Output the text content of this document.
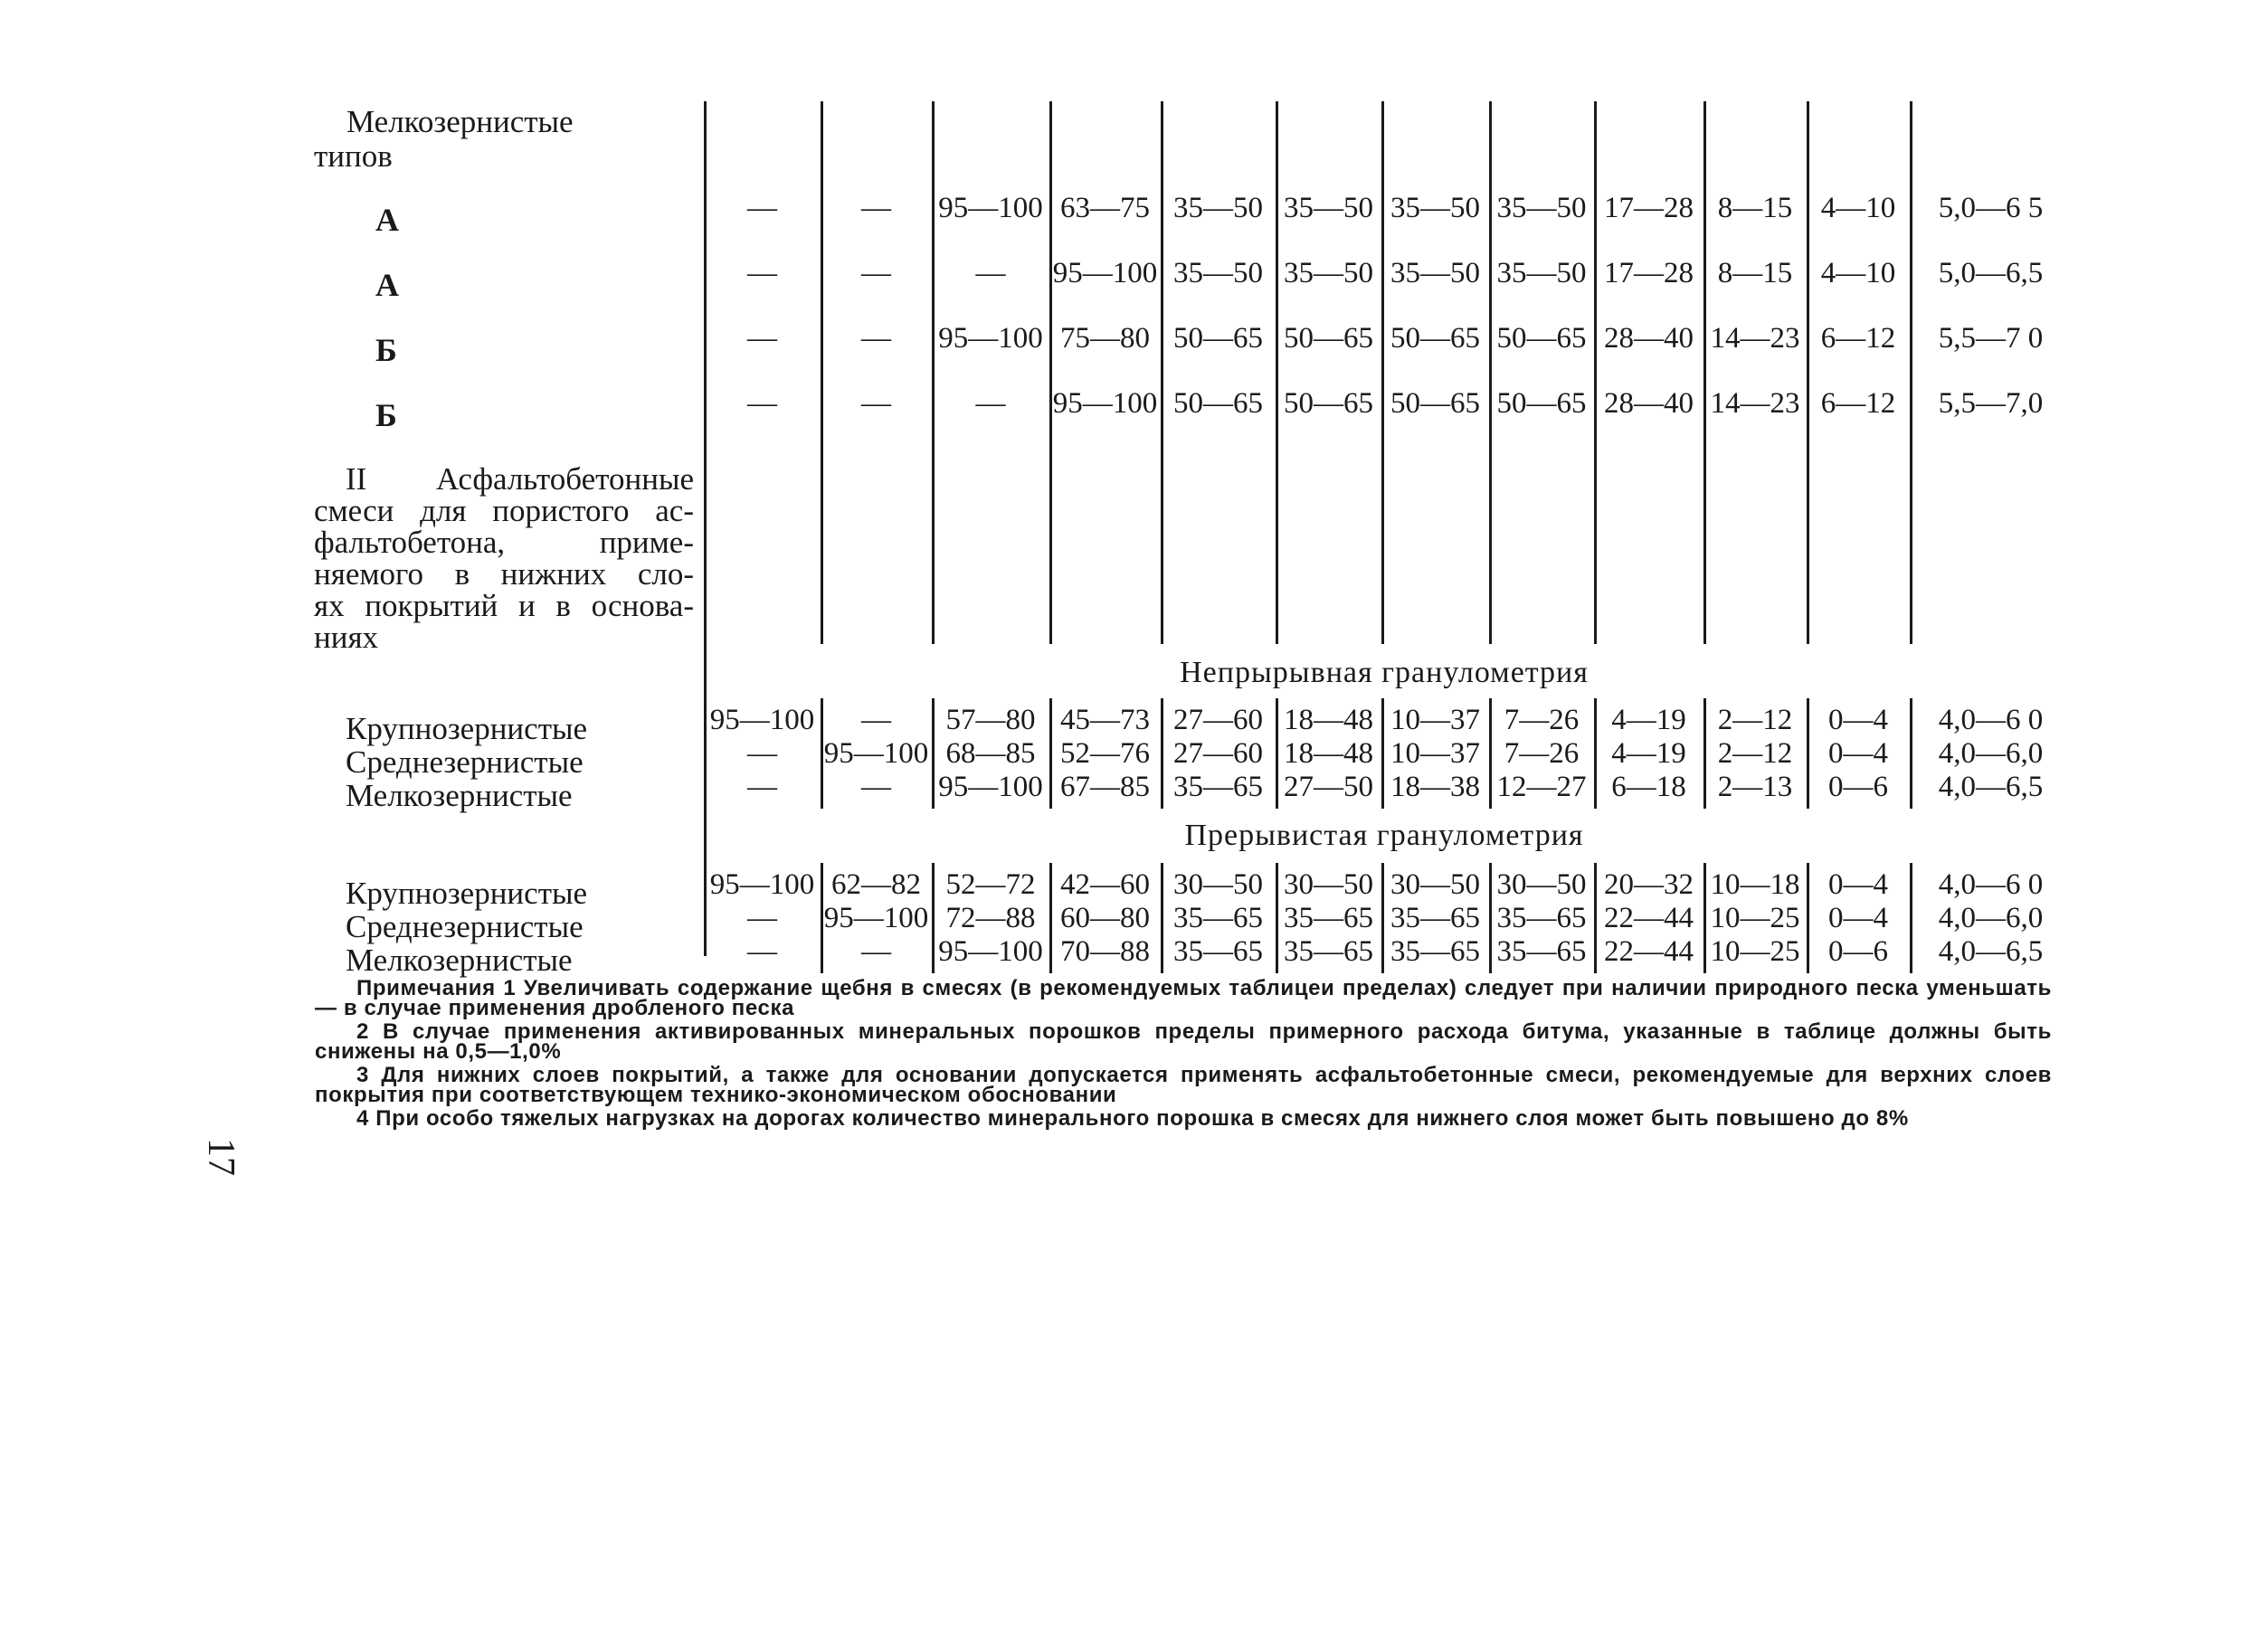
Мелкозернистые
типов
А	—	—	95—100 63—75 35—50 35—50 35—50 35—50 17—28 8—15 4—10	5,0—6 5
А	—	—	—	95—100 35—50 35—50 35—50 35—50 17—28 8—15 4—10	5,0—6,5
Б	—	—	95—100 75—80 50—65 50—65 50—65 50—65 28—40 14—23 6—12	5,5—7 0
Б	—	—	—	95—100 50—65 50—65 50—65 50—65 28—40 14—23 6—12	5,5—7,0
II Асфальтобетонные
смеси для пористого ас-
фальтобетона, приме-
няемого в нижних сло-
ях покрытий и в основа-
ниях
Непрырывная гранулометрия
Прерывистая гранулометрия
Крупнозернистые	95—100	—	57—80 45—73 27—60 18—48 10—37 7—26	4—19	2—12	0—4	4,0—6 0
Среднезернистые	—	95—100 68—85 52—76 27—60 18—48 10—37 7—26	4—19	2—12	0—4	4,0—6,0
Мелкозернистые	—	—	95—100 67—85 35—65 27—50 18—38 12—27 6—18	2—13	0—6	4,0—6,5
Крупнозернистые	95—100 62—82 52—72 42—60 30—50 30—50 30—50 30—50 20—32 10—18 0—4	4,0—6 0
Среднезернистые	—	95—100 72—88 60—80 35—65 35—65 35—65 35—65 22—44 10—25 0—4	4,0—6,0
Мелкозернистые	—	—	95—100 70—88 35—65 35—65 35—65 35—65 22—44 10—25 0—6	4,0—6,5
Примечания 1 Увеличивать содержание щебня в смесях (в рекомендуемых таблицеи пределах) следует при наличии природного песка уменьшать — в случае применения дробленого песка
2 В случае применения активированных минеральных порошков пределы примерного расхода битума, указанные в таблице должны быть снижены на 0,5—1,0%
3 Для нижних слоев покрытий, а также для основании допускается применять асфальтобетонные смеси, рекомендуемые для верхних слоев покрытия при соответствующем технико-экономическом обосновании
4 При особо тяжелых нагрузках на дорогах количество минерального порошка в смесях для нижнего слоя может быть повышено до 8%
17
